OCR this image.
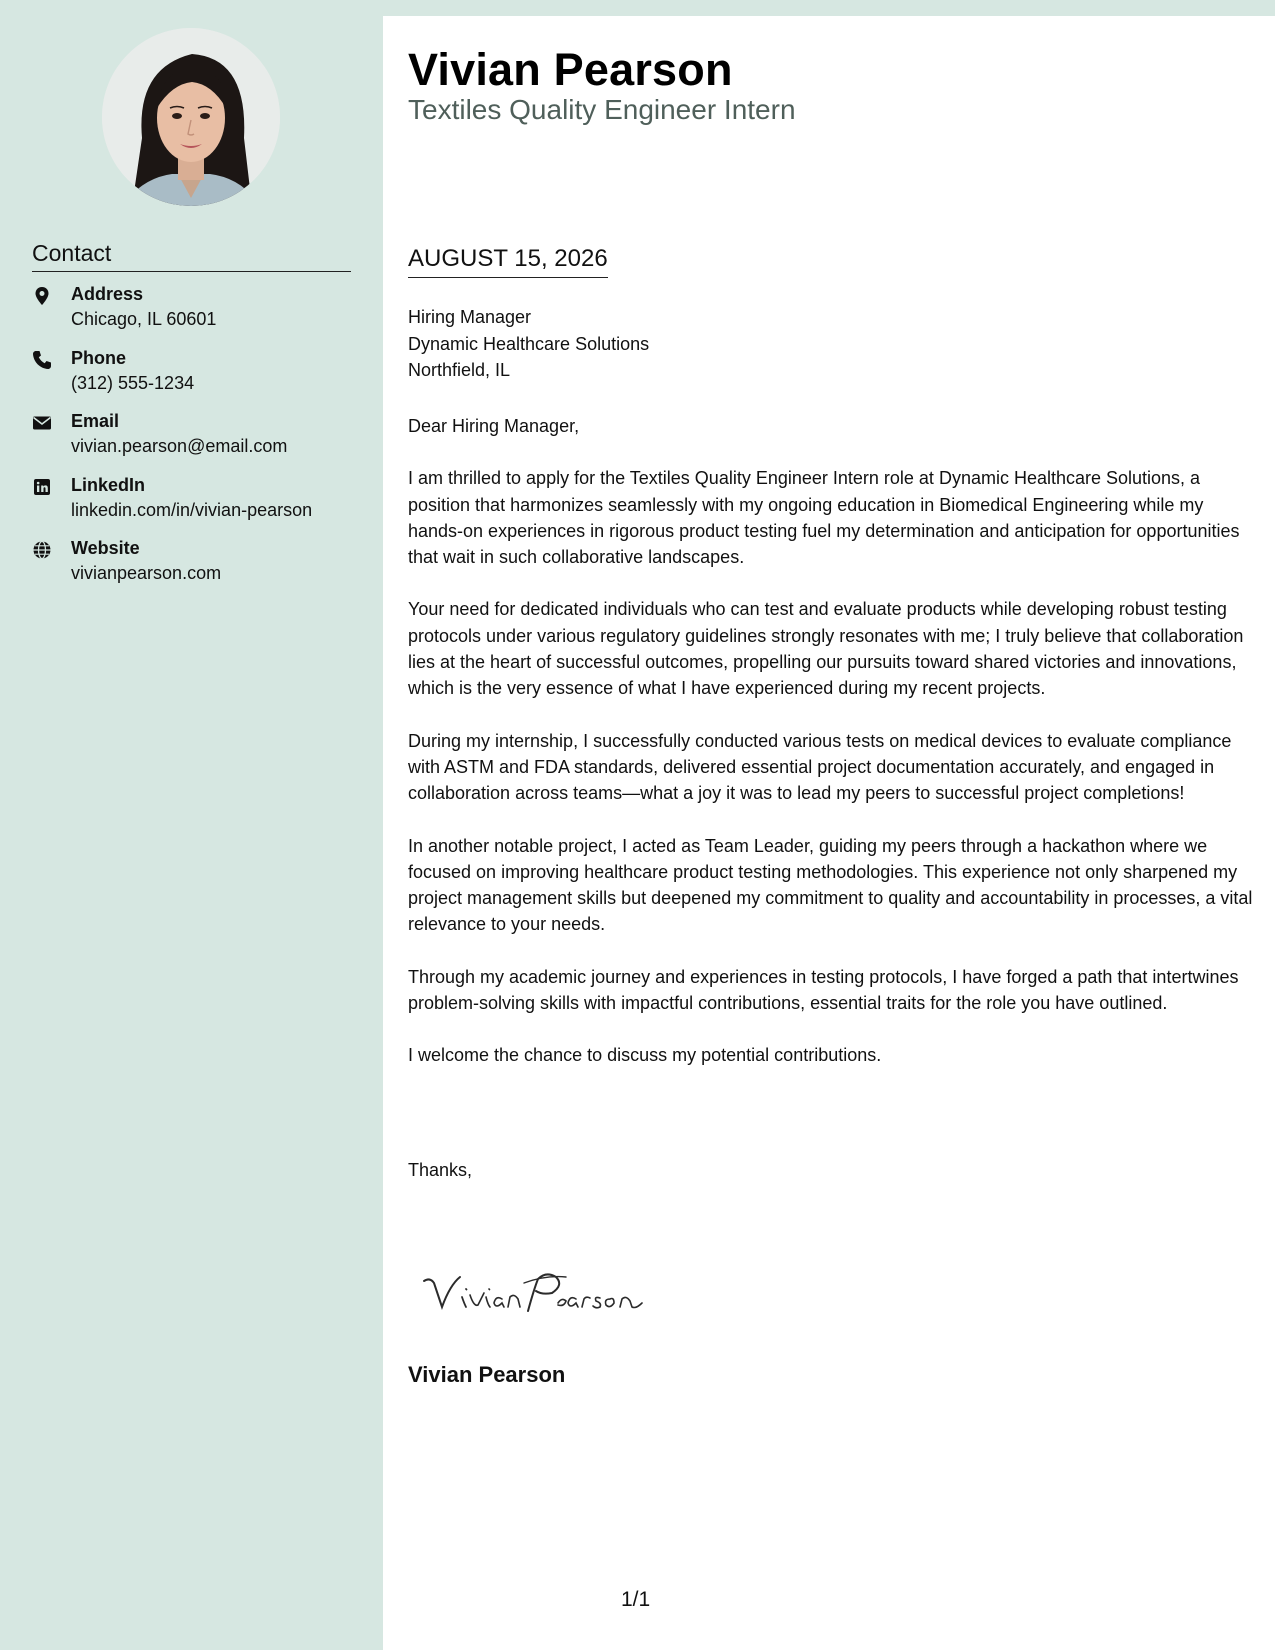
Contact
Address
Chicago, IL 60601
Phone
(312) 555-1234
Email
vivian.pearson@email.com
LinkedIn
linkedin.com/in/vivian-pearson
Website
vivianpearson.com
Vivian Pearson
Textiles Quality Engineer Intern
AUGUST 15, 2026
Hiring Manager
Dynamic Healthcare Solutions
Northfield, IL

Dear Hiring Manager,

I am thrilled to apply for the Textiles Quality Engineer Intern role at Dynamic Healthcare Solutions, a position that harmonizes seamlessly with my ongoing education in Biomedical Engineering while my hands-on experiences in rigorous product testing fuel my determination and anticipation for opportunities that wait in such collaborative landscapes.

Your need for dedicated individuals who can test and evaluate products while developing robust testing protocols under various regulatory guidelines strongly resonates with me; I truly believe that collaboration lies at the heart of successful outcomes, propelling our pursuits toward shared victories and innovations, which is the very essence of what I have experienced during my recent projects.

During my internship, I successfully conducted various tests on medical devices to evaluate compliance with ASTM and FDA standards, delivered essential project documentation accurately, and engaged in collaboration across teams—what a joy it was to lead my peers to successful project completions!

In another notable project, I acted as Team Leader, guiding my peers through a hackathon where we focused on improving healthcare product testing methodologies. This experience not only sharpened my project management skills but deepened my commitment to quality and accountability in processes, a vital relevance to your needs.

Through my academic journey and experiences in testing protocols, I have forged a path that intertwines problem-solving skills with impactful contributions, essential traits for the role you have outlined.

I welcome the chance to discuss my potential contributions.

Thanks,
Vivian Pearson
1/1
